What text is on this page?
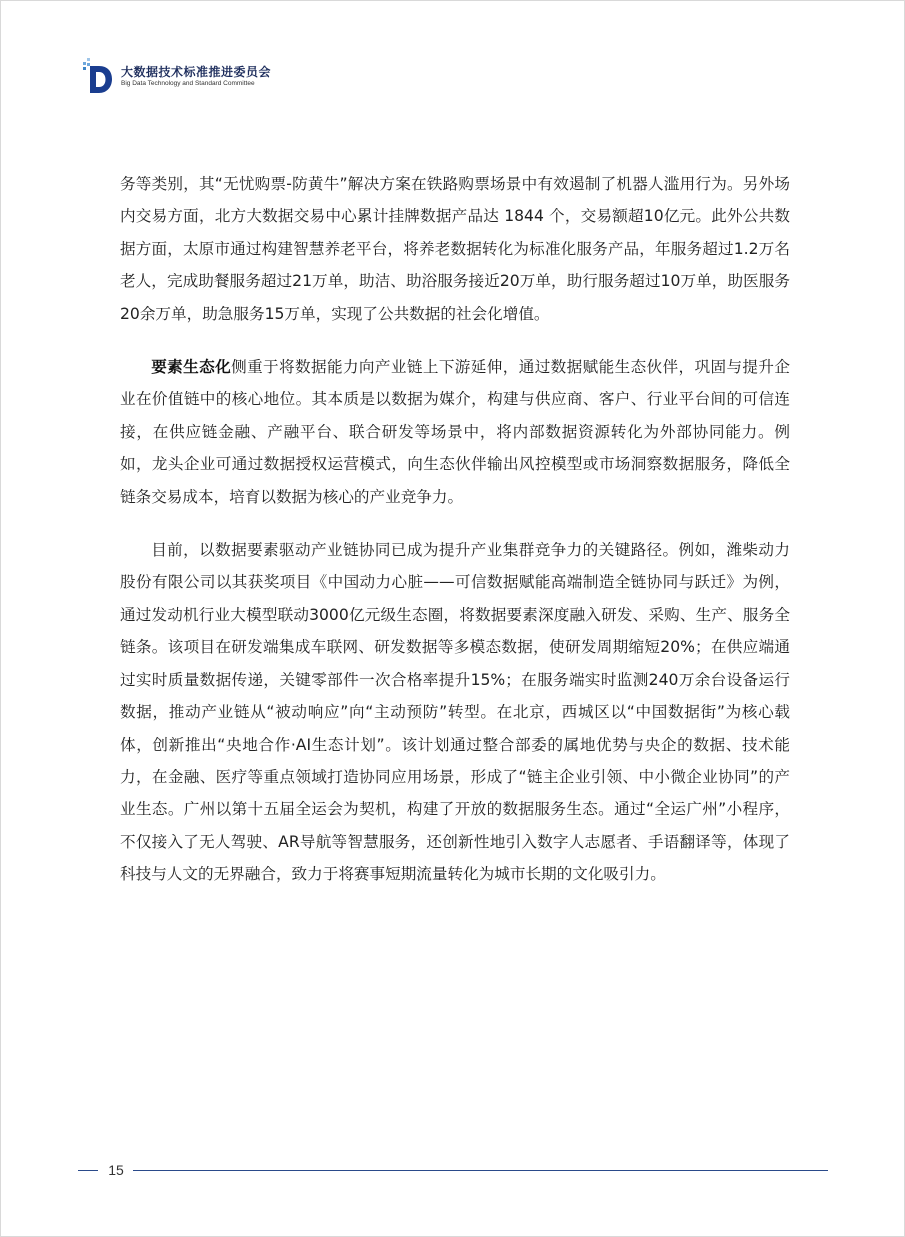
大数据技术标准推进委员会
Big Data Technology and Standard Committee

务等类别，其“无忧购票-防黄牛”解决方案在铁路购票场景中有效遏制了机器人滥用行为。另外场内交易方面，北方大数据交易中心累计挂牌数据产品达 1844 个，交易额超10亿元。此外公共数据方面，太原市通过构建智慧养老平台，将养老数据转化为标准化服务产品，年服务超过1.2万名老人，完成助餐服务超过21万单，助洁、助浴服务接近20万单，助行服务超过10万单，助医服务20余万单，助急服务15万单，实现了公共数据的社会化增值。

要素生态化侧重于将数据能力向产业链上下游延伸，通过数据赋能生态伙伴，巩固与提升企业在价值链中的核心地位。其本质是以数据为媒介，构建与供应商、客户、行业平台间的可信连接，在供应链金融、产融平台、联合研发等场景中，将内部数据资源转化为外部协同能力。例如，龙头企业可通过数据授权运营模式，向生态伙伴输出风控模型或市场洞察数据服务，降低全链条交易成本，培育以数据为核心的产业竞争力。

目前，以数据要素驱动产业链协同已成为提升产业集群竞争力的关键路径。例如，潍柴动力股份有限公司以其获奖项目《中国动力心脏——可信数据赋能高端制造全链协同与跃迁》为例，通过发动机行业大模型联动3000亿元级生态圈，将数据要素深度融入研发、采购、生产、服务全链条。该项目在研发端集成车联网、研发数据等多模态数据，使研发周期缩短20%；在供应端通过实时质量数据传递，关键零部件一次合格率提升15%；在服务端实时监测240万余台设备运行数据，推动产业链从“被动响应”向“主动预防”转型。在北京，西城区以“中国数据街”为核心载体，创新推出“央地合作·AI生态计划”。该计划通过整合部委的属地优势与央企的数据、技术能力，在金融、医疗等重点领域打造协同应用场景，形成了“链主企业引领、中小微企业协同”的产业生态。广州以第十五届全运会为契机，构建了开放的数据服务生态。通过“全运广州”小程序，不仅接入了无人驾驶、AR导航等智慧服务，还创新性地引入数字人志愿者、手语翻译等，体现了科技与人文的无界融合，致力于将赛事短期流量转化为城市长期的文化吸引力。

15
